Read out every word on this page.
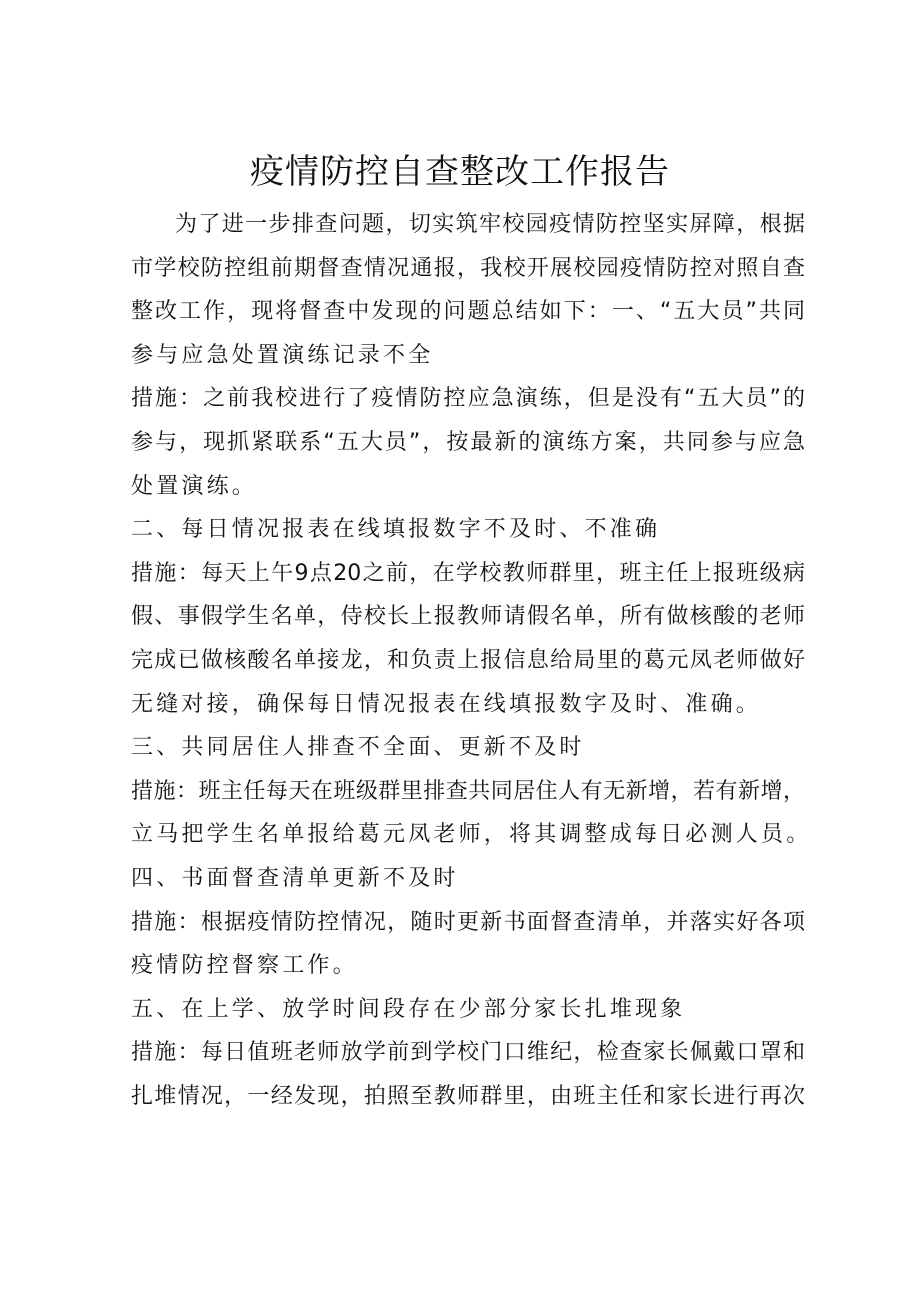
疫情防控自查整改工作报告
为了进一步排查问题，切实筑牢校园疫情防控坚实屏障，根据
市学校防控组前期督查情况通报，我校开展校园疫情防控对照自查
整改工作，现将督查中发现的问题总结如下：一、“五大员”共同
参与应急处置演练记录不全
措施：之前我校进行了疫情防控应急演练，但是没有“五大员”的
参与，现抓紧联系“五大员”，按最新的演练方案，共同参与应急
处置演练。
二、每日情况报表在线填报数字不及时、不准确
措施：每天上午9点20之前，在学校教师群里，班主任上报班级病
假、事假学生名单，侍校长上报教师请假名单，所有做核酸的老师
完成已做核酸名单接龙，和负责上报信息给局里的葛元凤老师做好
无缝对接，确保每日情况报表在线填报数字及时、准确。
三、共同居住人排查不全面、更新不及时
措施：班主任每天在班级群里排查共同居住人有无新增，若有新增，
立马把学生名单报给葛元凤老师，将其调整成每日必测人员。
四、书面督查清单更新不及时
措施：根据疫情防控情况，随时更新书面督查清单，并落实好各项
疫情防控督察工作。
五、在上学、放学时间段存在少部分家长扎堆现象
措施：每日值班老师放学前到学校门口维纪，检查家长佩戴口罩和
扎堆情况，一经发现，拍照至教师群里，由班主任和家长进行再次
